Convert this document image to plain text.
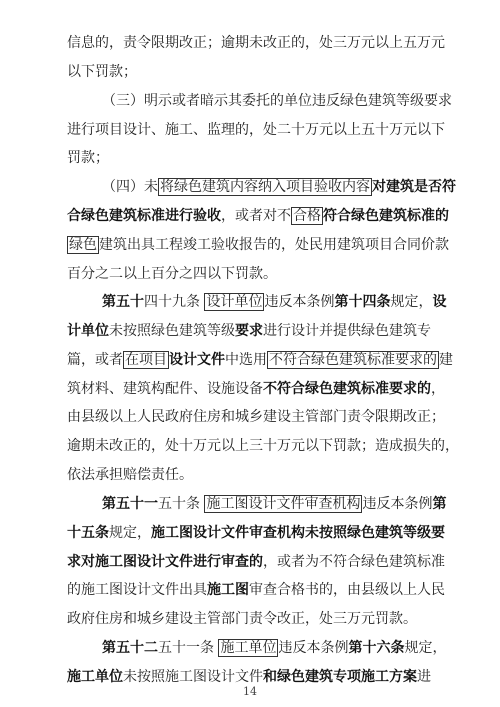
信息的，责令限期改正；逾期未改正的，处三万元以上五万元
以下罚款；
（三）明示或者暗示其委托的单位违反绿色建筑等级要求
进行项目设计、施工、监理的，处二十万元以上五十万元以下
罚款；
（四）未 将绿色建筑内容纳入项目验收内容 对建筑是否符
合绿色建筑标准进行验收，或者对不 合格 符合绿色建筑标准的
绿色 建筑出具工程竣工验收报告的，处民用建筑项目合同价款
百分之二以上百分之四以下罚款。
第五十四十九条 设计单位 违反本条例第十四条规定，设
计单位未按照绿色建筑等级要求进行设计并提供绿色建筑专
篇，或者 在项目 设计文件中选用 不符合绿色建筑标准要求的 建
筑材料、建筑构配件、设施设备不符合绿色建筑标准要求的，
由县级以上人民政府住房和城乡建设主管部门责令限期改正；
逾期未改正的，处十万元以上三十万元以下罚款；造成损失的，
依法承担赔偿责任。
第五十一五十条 施工图设计文件审查机构 违反本条例第
十五条规定，施工图设计文件审查机构未按照绿色建筑等级要
求对施工图设计文件进行审查的，或者为不符合绿色建筑标准
的施工图设计文件出具施工图审查合格书的，由县级以上人民
政府住房和城乡建设主管部门责令改正，处三万元罚款。
第五十二五十一条 施工单位 违反本条例第十六条规定，
施工单位未按照施工图设计文件和绿色建筑专项施工方案进
14
